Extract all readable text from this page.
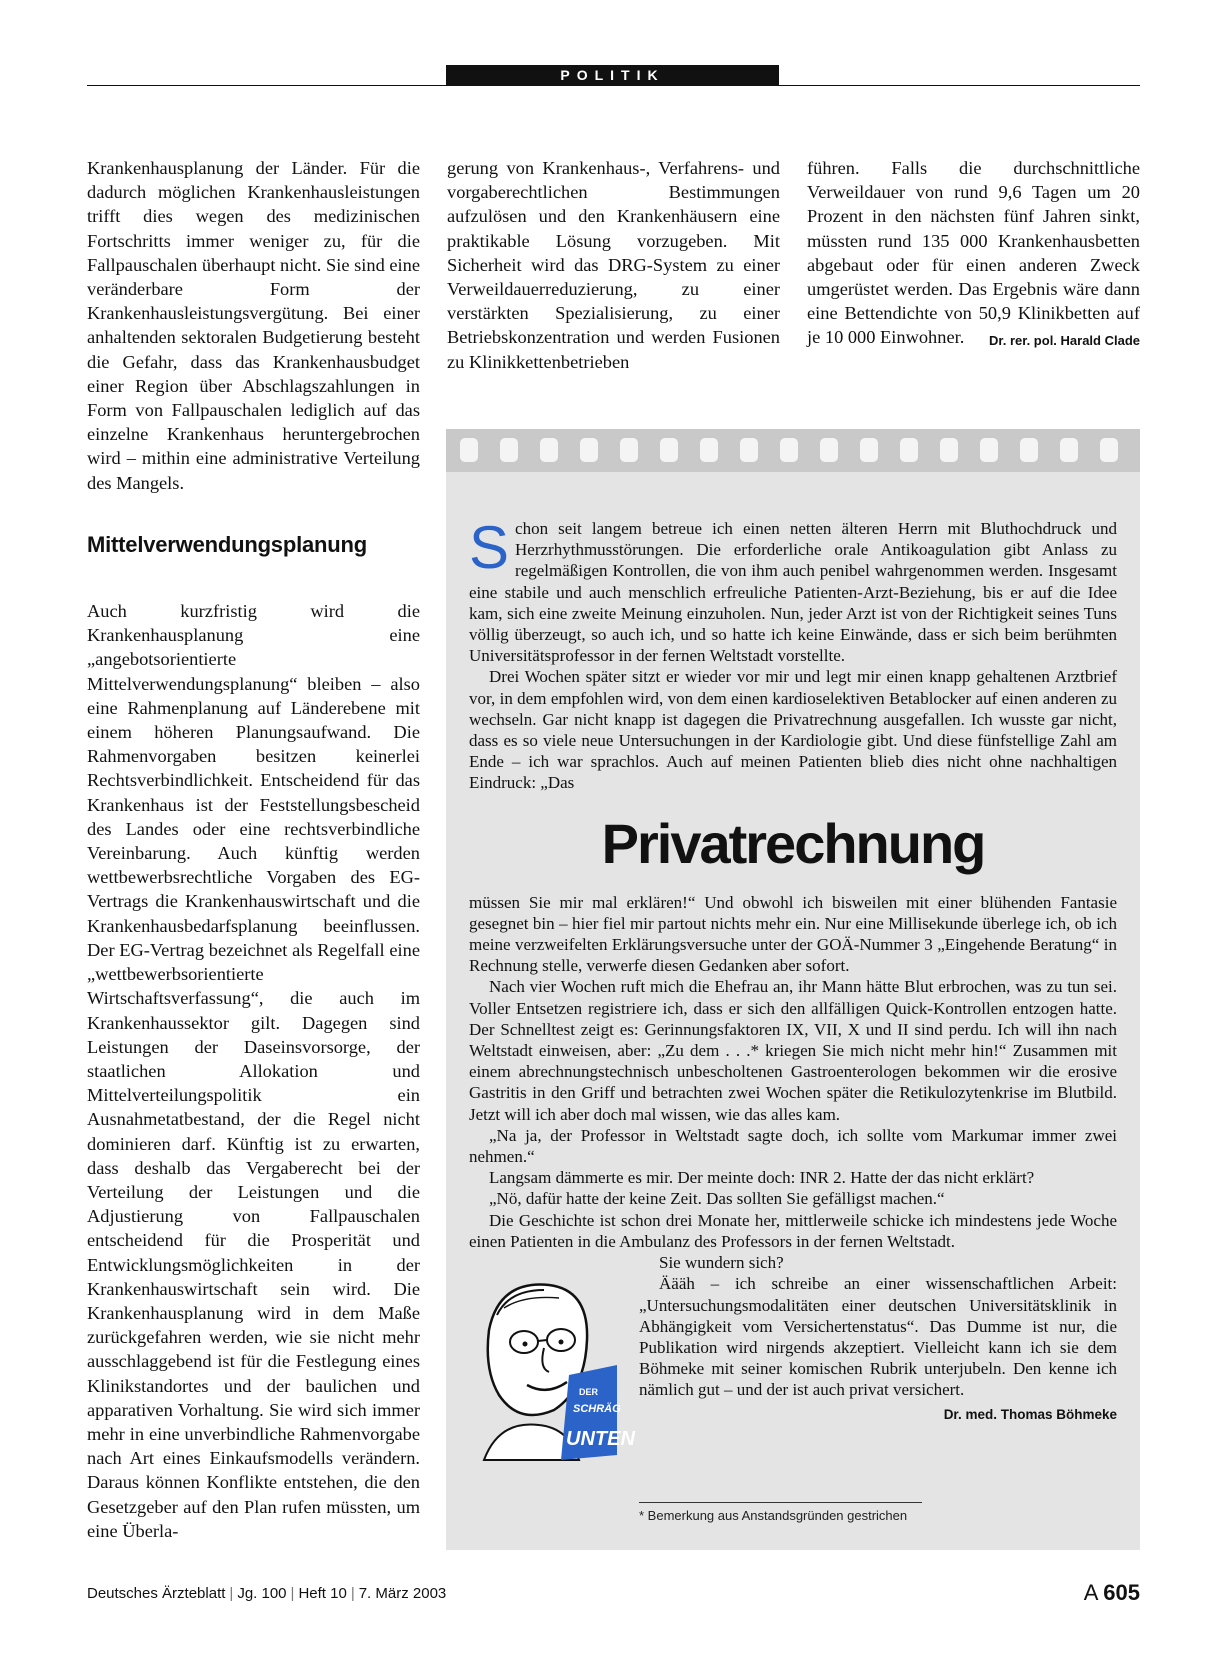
POLITIK

Krankenhausplanung der Länder. Für die dadurch möglichen Krankenhausleistungen trifft dies wegen des medizinischen Fortschritts immer weniger zu, für die Fallpauschalen überhaupt nicht. Sie sind eine veränderbare Form der Krankenhausleistungsvergütung. Bei einer anhaltenden sektoralen Budgetierung besteht die Gefahr, dass das Krankenhausbudget einer Region über Abschlagszahlungen in Form von Fallpauschalen lediglich auf das einzelne Krankenhaus heruntergebrochen wird – mithin eine administrative Verteilung des Mangels.

Mittelverwendungsplanung

Auch kurzfristig wird die Krankenhausplanung eine „angebotsorientierte Mittelverwendungsplanung“ bleiben – also eine Rahmenplanung auf Länderebene mit einem höheren Planungsaufwand. Die Rahmenvorgaben besitzen keinerlei Rechtsverbindlichkeit. Entscheidend für das Krankenhaus ist der Feststellungsbescheid des Landes oder eine rechtsverbindliche Vereinbarung. Auch künftig werden wettbewerbsrechtliche Vorgaben des EG-Vertrags die Krankenhauswirtschaft und die Krankenhausbedarfsplanung beeinflussen. Der EG-Vertrag bezeichnet als Regelfall eine „wettbewerbsorientierte Wirtschaftsverfassung“, die auch im Krankenhaussektor gilt. Dagegen sind Leistungen der Daseinsvorsorge, der staatlichen Allokation und Mittelverteilungspolitik ein Ausnahmetatbestand, der die Regel nicht dominieren darf. Künftig ist zu erwarten, dass deshalb das Vergaberecht bei der Verteilung der Leistungen und die Adjustierung von Fallpauschalen entscheidend für die Prosperität und Entwicklungsmöglichkeiten in der Krankenhauswirtschaft sein wird. Die Krankenhausplanung wird in dem Maße zurückgefahren werden, wie sie nicht mehr ausschlaggebend ist für die Festlegung eines Klinikstandortes und der baulichen und apparativen Vorhaltung. Sie wird sich immer mehr in eine unverbindliche Rahmenvorgabe nach Art eines Einkaufsmodells verändern. Daraus können Konflikte entstehen, die den Gesetzgeber auf den Plan rufen müssten, um eine Überla-

gerung von Krankenhaus-, Verfahrens- und vorgaberechtlichen Bestimmungen aufzulösen und den Krankenhäusern eine praktikable Lösung vorzugeben. Mit Sicherheit wird das DRG-System zu einer Verweildauerreduzierung, zu einer verstärkten Spezialisierung, zu einer Betriebskonzentration und werden Fusionen zu Klinikkettenbetrieben

führen. Falls die durchschnittliche Verweildauer von rund 9,6 Tagen um 20 Prozent in den nächsten fünf Jahren sinkt, müssten rund 135 000 Krankenhausbetten abgebaut oder für einen anderen Zweck umgerüstet werden. Das Ergebnis wäre dann eine Bettendichte von 50,9 Klinikbetten auf je 10 000 Einwohner. Dr. rer. pol. Harald Clade

Schon seit langem betreue ich einen netten älteren Herrn mit Bluthochdruck und Herzrhythmusstörungen. Die erforderliche orale Antikoagulation gibt Anlass zu regelmäßigen Kontrollen, die von ihm auch penibel wahrgenommen werden. Insgesamt eine stabile und auch menschlich erfreuliche Patienten-Arzt-Beziehung, bis er auf die Idee kam, sich eine zweite Meinung einzuholen. Nun, jeder Arzt ist von der Richtigkeit seines Tuns völlig überzeugt, so auch ich, und so hatte ich keine Einwände, dass er sich beim berühmten Universitätsprofessor in der fernen Weltstadt vorstellte.

Drei Wochen später sitzt er wieder vor mir und legt mir einen knapp gehaltenen Arztbrief vor, in dem empfohlen wird, von dem einen kardioselektiven Betablocker auf einen anderen zu wechseln. Gar nicht knapp ist dagegen die Privatrechnung ausgefallen. Ich wusste gar nicht, dass es so viele neue Untersuchungen in der Kardiologie gibt. Und diese fünfstellige Zahl am Ende – ich war sprachlos. Auch auf meinen Patienten blieb dies nicht ohne nachhaltigen Eindruck: „Das

Privatrechnung

müssen Sie mir mal erklären!“ Und obwohl ich bisweilen mit einer blühenden Fantasie gesegnet bin – hier fiel mir partout nichts mehr ein. Nur eine Millisekunde überlege ich, ob ich meine verzweifelten Erklärungsversuche unter der GOÄ-Nummer 3 „Eingehende Beratung“ in Rechnung stelle, verwerfe diesen Gedanken aber sofort.

Nach vier Wochen ruft mich die Ehefrau an, ihr Mann hätte Blut erbrochen, was zu tun sei. Voller Entsetzen registriere ich, dass er sich den allfälligen Quick-Kontrollen entzogen hatte. Der Schnelltest zeigt es: Gerinnungsfaktoren IX, VII, X und II sind perdu. Ich will ihn nach Weltstadt einweisen, aber: „Zu dem . . .* kriegen Sie mich nicht mehr hin!“ Zusammen mit einem abrechnungstechnisch unbescholtenen Gastroenterologen bekommen wir die erosive Gastritis in den Griff und betrachten zwei Wochen später die Retikulozytenkrise im Blutbild. Jetzt will ich aber doch mal wissen, wie das alles kam.

„Na ja, der Professor in Weltstadt sagte doch, ich sollte vom Markumar immer zwei nehmen.“

Langsam dämmerte es mir. Der meinte doch: INR 2. Hatte der das nicht erklärt?

„Nö, dafür hatte der keine Zeit. Das sollten Sie gefälligst machen.“

Die Geschichte ist schon drei Monate her, mittlerweile schicke ich mindestens jede Woche einen Patienten in die Ambulanz des Professors in der fernen Weltstadt.

DER
SCHRÄG
UNTEN

Sie wundern sich?

Äääh – ich schreibe an einer wissenschaftlichen Arbeit: „Untersuchungsmodalitäten einer deutschen Universitätsklinik in Abhängigkeit vom Versichertenstatus“. Das Dumme ist nur, die Publikation wird nirgends akzeptiert. Vielleicht kann ich sie dem Böhmeke mit seiner komischen Rubrik unterjubeln. Den kenne ich nämlich gut – und der ist auch privat versichert.
Dr. med. Thomas Böhmeke

* Bemerkung aus Anstandsgründen gestrichen
Deutsches Ärzteblatt | Jg. 100 | Heft 10 | 7. März 2003	A 605
